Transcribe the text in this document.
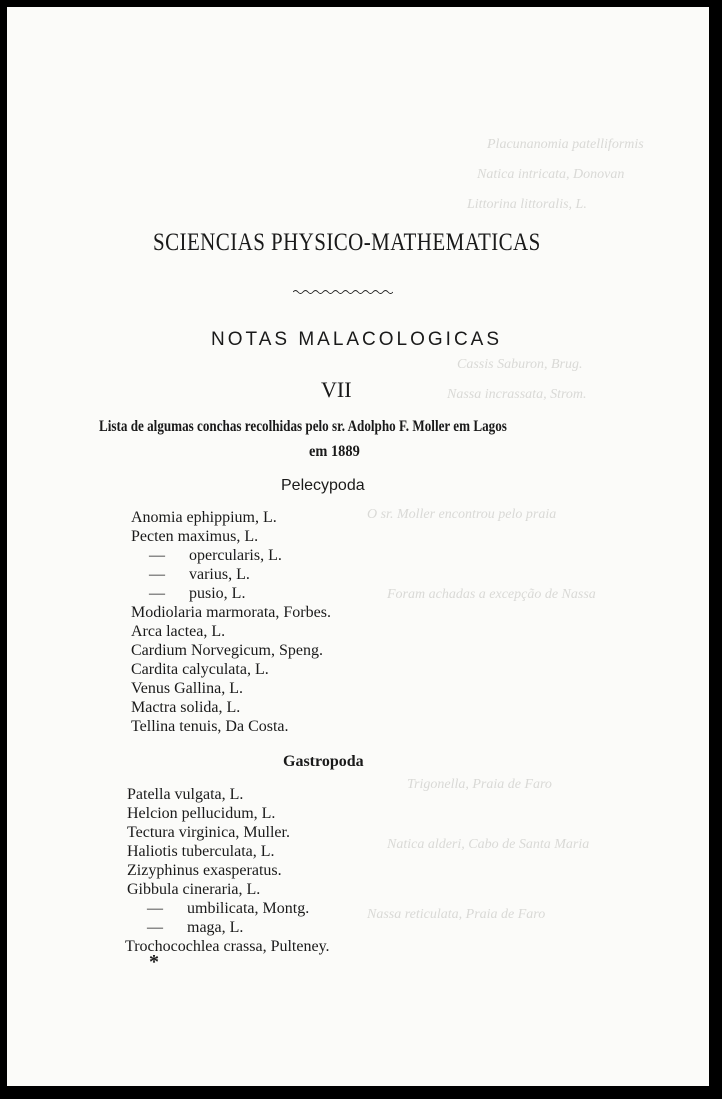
Placunanomia patelliformis
Natica intricata, Donovan
Littorina littoralis, L.
Cassis Saburon, Brug.
Nassa incrassata, Strom.
O sr. Moller encontrou pelo praia
Foram achadas a excepção de Nassa
Trigonella, Praia de Faro
Natica alderi, Cabo de Santa Maria
Nassa reticulata, Praia de Faro
SCIENCIAS PHYSICO-MATHEMATICAS
NOTAS MALACOLOGICAS
VII
Lista de algumas conchas recolhidas pelo sr. Adolpho F. Moller em Lagos
em 1889
Pelecypoda
Anomia ephippium, L.
Pecten maximus, L.
— opercularis, L.
— varius, L.
— pusio, L.
Modiolaria marmorata, Forbes.
Arca lactea, L.
Cardium Norvegicum, Speng.
Cardita calyculata, L.
Venus Gallina, L.
Mactra solida, L.
Tellina tenuis, Da Costa.
Gastropoda
Patella vulgata, L.
Helcion pellucidum, L.
Tectura virginica, Muller.
Haliotis tuberculata, L.
Zizyphinus exasperatus.
Gibbula cineraria, L.
— umbilicata, Montg.
— maga, L.
Trochocochlea crassa, Pulteney.
*
